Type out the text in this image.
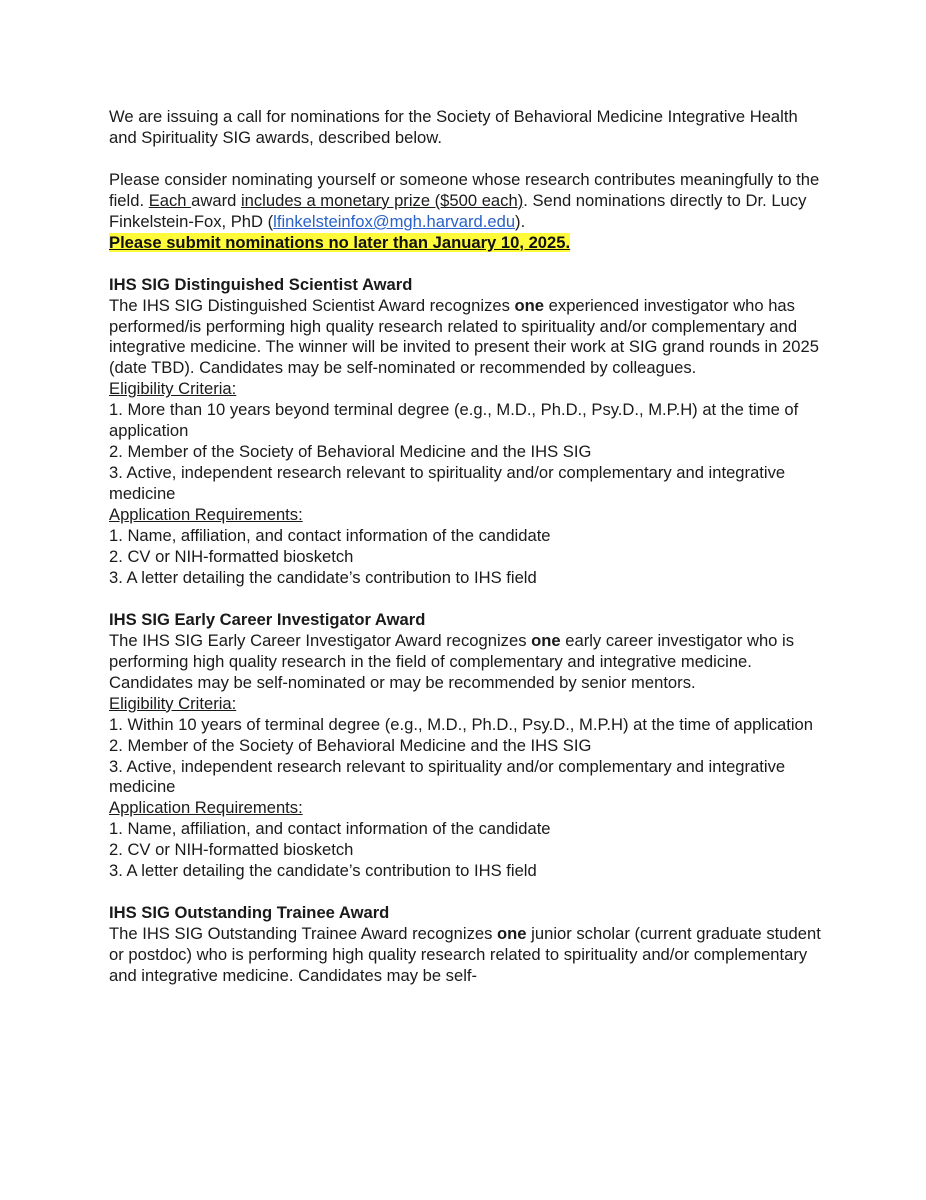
We are issuing a call for nominations for the Society of Behavioral Medicine Integrative Health and Spirituality SIG awards, described below.

Please consider nominating yourself or someone whose research contributes meaningfully to the field. Each award includes a monetary prize ($500 each). Send nominations directly to Dr. Lucy Finkelstein-Fox, PhD (lfinkelsteinfox@mgh.harvard.edu).
Please submit nominations no later than January 10, 2025.

IHS SIG Distinguished Scientist Award

The IHS SIG Distinguished Scientist Award recognizes one experienced investigator who has performed/is performing high quality research related to spirituality and/or complementary and integrative medicine. The winner will be invited to present their work at SIG grand rounds in 2025 (date TBD). Candidates may be self-nominated or recommended by colleagues.

Eligibility Criteria:

1. More than 10 years beyond terminal degree (e.g., M.D., Ph.D., Psy.D., M.P.H) at the time of application

2. Member of the Society of Behavioral Medicine and the IHS SIG

3. Active, independent research relevant to spirituality and/or complementary and integrative medicine

Application Requirements:

1. Name, affiliation, and contact information of the candidate

2. CV or NIH-formatted biosketch

3. A letter detailing the candidate’s contribution to IHS field

IHS SIG Early Career Investigator Award

The IHS SIG Early Career Investigator Award recognizes one early career investigator who is performing high quality research in the field of complementary and integrative medicine. Candidates may be self-nominated or may be recommended by senior mentors.

Eligibility Criteria:

1. Within 10 years of terminal degree (e.g., M.D., Ph.D., Psy.D., M.P.H) at the time of application

2. Member of the Society of Behavioral Medicine and the IHS SIG

3. Active, independent research relevant to spirituality and/or complementary and integrative medicine

Application Requirements:

1. Name, affiliation, and contact information of the candidate

2. CV or NIH-formatted biosketch

3. A letter detailing the candidate’s contribution to IHS field

IHS SIG Outstanding Trainee Award

The IHS SIG Outstanding Trainee Award recognizes one junior scholar (current graduate student or postdoc) who is performing high quality research related to spirituality and/or complementary and integrative medicine. Candidates may be self-
